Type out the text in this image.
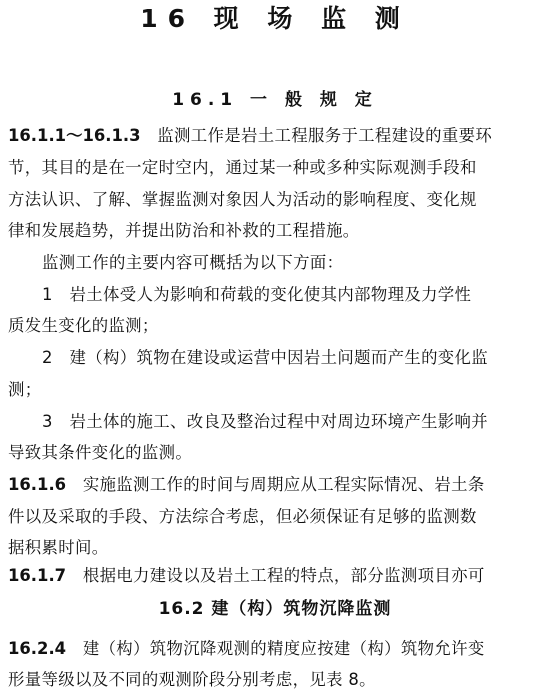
16 现 场 监 测
16.1 一 般 规 定
16.1.1～16.1.3　 监测工作是岩土工程服务于工程建设的重要环
节，其目的是在一定时空内，通过某一种或多种实际观测手段和
方法认识、了解、掌握监测对象因人为活动的影响程度、变化规
律和发展趋势，并提出防治和补救的工程措施。
监测工作的主要内容可概括为以下方面：
1　岩土体受人为影响和荷载的变化使其内部物理及力学性
质发生变化的监测；
2　建（构）筑物在建设或运营中因岩土问题而产生的变化监
测；
3　岩土体的施工、改良及整治过程中对周边环境产生影响并
导致其条件变化的监测。
16.1.6　 实施监测工作的时间与周期应从工程实际情况、岩土条
件以及采取的手段、方法综合考虑，但必须保证有足够的监测数
据积累时间。
16.1.7　 根据电力建设以及岩土工程的特点，部分监测项目亦可
16.2 建（构）筑物沉降监测
16.2.4　 建（构）筑物沉降观测的精度应按建（构）筑物允许变
形量等级以及不同的观测阶段分别考虑，见表 8。
